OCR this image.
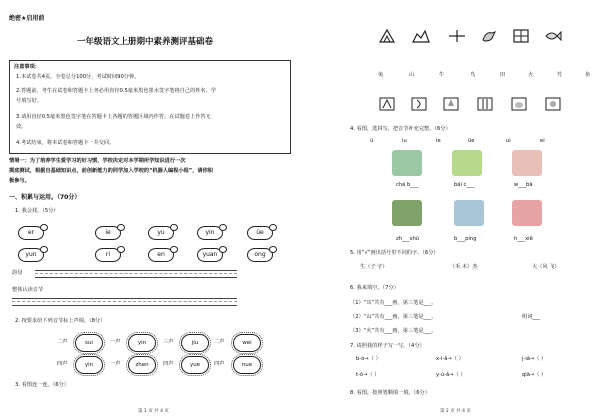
绝密★启用前
一年级语文上册期中素养测评基础卷
注意事项：
1.本试卷共4页，全卷总分100分，考试时间90分钟。
2.答题前，考生在试卷和答题卡上务必用直径0.5毫米黑色墨水签字笔将自己的姓名、学
号填写好。
3.请用直径0.5毫米黑色签字笔在答题卡上各题的答题区域内作答，在试题卷上作答无
效。
4.考试结束，将本试卷和答题卡一并交回。
情境一：为了培养学生爱学习的好习惯，学校决定对本学期所学知识进行一次
摸底测试，根据自基础知识点，前创新能力的同学加入学校的“机器人编程小组”，请你积
极参与。
一、积累与运用。（70分）
1. 我会找。（5分）
er	ie	yu	yin	üe
yun	ri	en	yuan	ong
韵母
整体认读音节
2. 按要求给下列音节标上声调。（8分）
二声	sui	一声	yin	三声	jiu	二声	wei
四声	yin	一声	zhen	四声	yue	四声	nue
3. 看图连一连。（6分）
第 1 页 共 4 页
兔	山	牛	鸟	田	火	竹	鱼
4. 看图，选拼写，把音节补充完整。（6分）
ü	iu	ie	üe	ui	ei
chá b___	bái c___	w___bā
zh___shū	b___píng	h___xiě
5. 用“√”画出括号里不同的字。（6分）
生（子 字）	（禾 木）杰	大（风 飞）
6. 我来填空。（7分）
（1）“耳”共有___画，第三笔是___。
（2）“山”共有___画，第三笔是___，	组词___
（3）“火”共有___画，第三笔是___。
7. 请照我的样子写一写。（4分）
b-ò→（ ）	x-i-ǎ→（ ）	j-iá→（ ）
t-ǒ→（ ）	y-ú-ǎ→（ ）	qiā→（ ）
8. 看图，按照笔顺填一填。（6分）
第 2 页 共 4 页
